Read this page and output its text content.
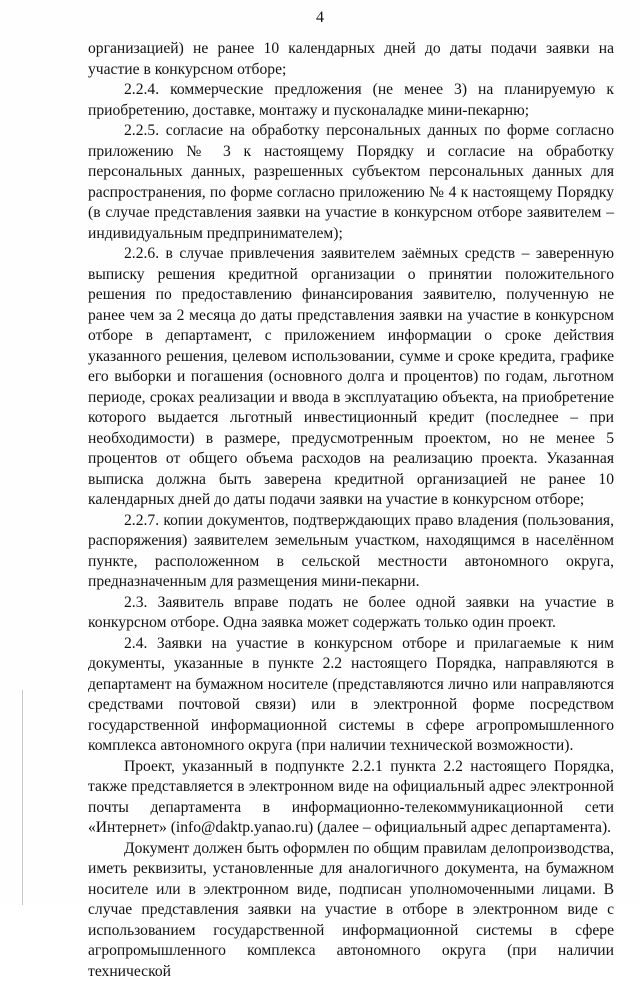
4

организацией) не ранее 10 календарных дней до даты подачи заявки на участие в конкурсном отборе;

2.2.4. коммерческие предложения (не менее 3) на планируемую к приобретению, доставке, монтажу и пусконаладке мини-пекарню;

2.2.5. согласие на обработку персональных данных по форме согласно приложению № 3 к настоящему Порядку и согласие на обработку персональных данных, разрешенных субъектом персональных данных для распространения, по форме согласно приложению № 4 к настоящему Порядку (в случае представления заявки на участие в конкурсном отборе заявителем – индивидуальным предпринимателем);

2.2.6. в случае привлечения заявителем заёмных средств – заверенную выписку решения кредитной организации о принятии положительного решения по предоставлению финансирования заявителю, полученную не ранее чем за 2 месяца до даты представления заявки на участие в конкурсном отборе в департамент, с приложением информации о сроке действия указанного решения, целевом использовании, сумме и сроке кредита, графике его выборки и погашения (основного долга и процентов) по годам, льготном периоде, сроках реализации и ввода в эксплуатацию объекта, на приобретение которого выдается льготный инвестиционный кредит (последнее – при необходимости) в размере, предусмотренным проектом, но не менее 5 процентов от общего объема расходов на реализацию проекта. Указанная выписка должна быть заверена кредитной организацией не ранее 10 календарных дней до даты подачи заявки на участие в конкурсном отборе;

2.2.7. копии документов, подтверждающих право владения (пользования, распоряжения) заявителем земельным участком, находящимся в населённом пункте, расположенном в сельской местности автономного округа, предназначенным для размещения мини-пекарни.

2.3. Заявитель вправе подать не более одной заявки на участие в конкурсном отборе. Одна заявка может содержать только один проект.

2.4. Заявки на участие в конкурсном отборе и прилагаемые к ним документы, указанные в пункте 2.2 настоящего Порядка, направляются в департамент на бумажном носителе (представляются лично или направляются средствами почтовой связи) или в электронной форме посредством государственной информационной системы в сфере агропромышленного комплекса автономного округа (при наличии технической возможности).

Проект, указанный в подпункте 2.2.1 пункта 2.2 настоящего Порядка, также представляется в электронном виде на официальный адрес электронной почты департамента в информационно-телекоммуникационной сети «Интернет» (info@daktp.yanao.ru) (далее – официальный адрес департамента).

Документ должен быть оформлен по общим правилам делопроизводства, иметь реквизиты, установленные для аналогичного документа, на бумажном носителе или в электронном виде, подписан уполномоченными лицами. В случае представления заявки на участие в отборе в электронном виде с использованием государственной информационной системы в сфере агропромышленного комплекса автономного округа (при наличии технической
